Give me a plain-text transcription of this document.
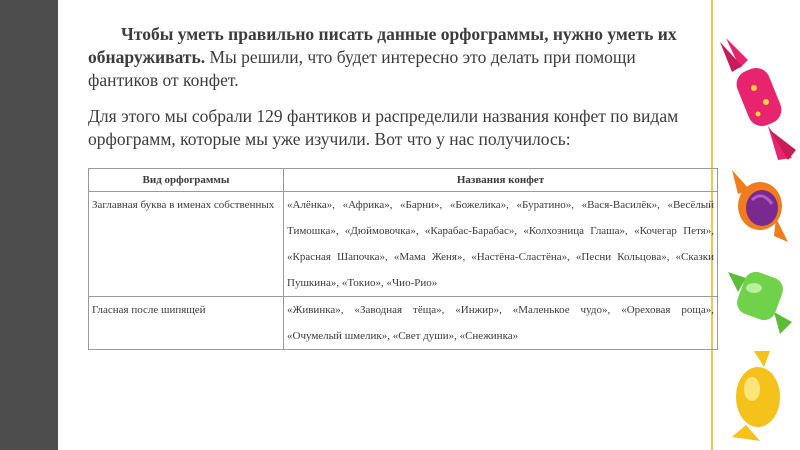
Чтобы уметь правильно писать данные орфограммы, нужно уметь их обнаруживать. Мы решили, что будет интересно это делать при помощи фантиков от конфет.

Для этого мы собрали 129 фантиков и распределили названия конфет по видам орфограмм, которые мы уже изучили. Вот что у нас получилось:

Вид орфограммы	Названия конфет
Заглавная буква в именах собственных	«Алёнка», «Африка», «Барни», «Божелика», «Буратино», «Вася-Василёк», «Весёлый Тимошка», «Дюймовочка», «Карабас-Барабас», «Колхозница Глаша», «Кочегар Петя», «Красная Шапочка», «Мама Женя», «Настёна-Сластёна», «Песни Кольцова», «Сказки Пушкина», «Токио», «Чио-Рио»
Гласная после шипящей	«Живинка», «Заводная тёща», «Инжир», «Маленькое чудо», «Ореховая роща», «Очумелый шмелик», «Свет души», «Снежинка»
